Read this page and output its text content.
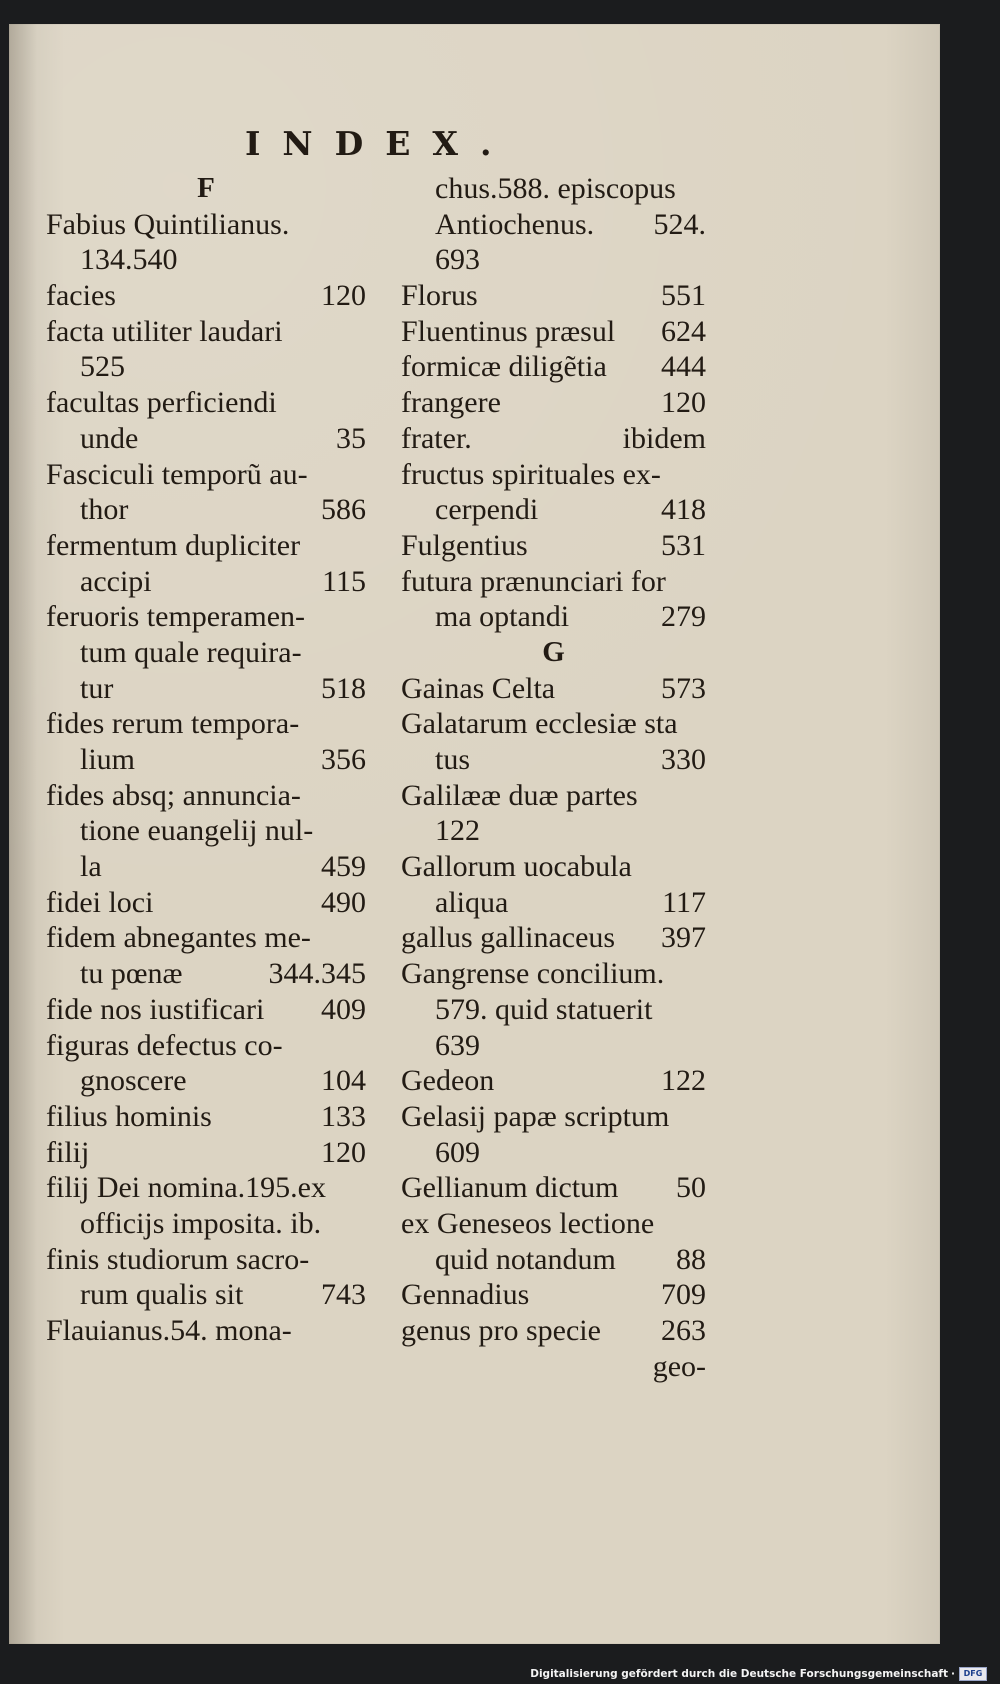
INDEX.
F
Fabius Quintilianus.
134.540
facies	120
facta utiliter laudari
525
facultas perficiendi
unde	35
Fasciculi temporũ au-
thor	586
fermentum dupliciter
accipi	115
feruoris temperamen-
tum quale requira-
tur	518
fides rerum tempora-
lium	356
fides absq; annuncia-
tione euangelij nul-
la	459
fidei loci	490
fidem abnegantes me-
tu pœnæ	344.345
fide nos iustificari 409
figuras defectus co-
gnoscere	104
filius hominis	133
filij	120
filij Dei nomina.195.ex
officijs imposita. ib.
finis studiorum sacro-
rum qualis sit	743
Flauianus.54. mona-
chus.588. episcopus
Antiochenus. 524.
693
Florus	551
Fluentinus præsul 624
formicæ diligẽtia 444
frangere	120
frater.	ibidem
fructus spirituales ex-
cerpendi	418
Fulgentius	531
futura prænunciari for
ma optandi	279
G
Gainas Celta	573
Galatarum ecclesiæ sta
tus	330
Galilææ duæ partes
122
Gallorum uocabula
aliqua	117
gallus gallinaceus 397
Gangrense concilium.
579. quid statuerit
639
Gedeon	122
Gelasij papæ scriptum
609
Gellianum dictum 50
ex Geneseos lectione
quid notandum 88
Gennadius	709
genus pro specie 263
geo-
Digitalisierung gefördert durch die Deutsche Forschungsgemeinschaft ·	DFG
